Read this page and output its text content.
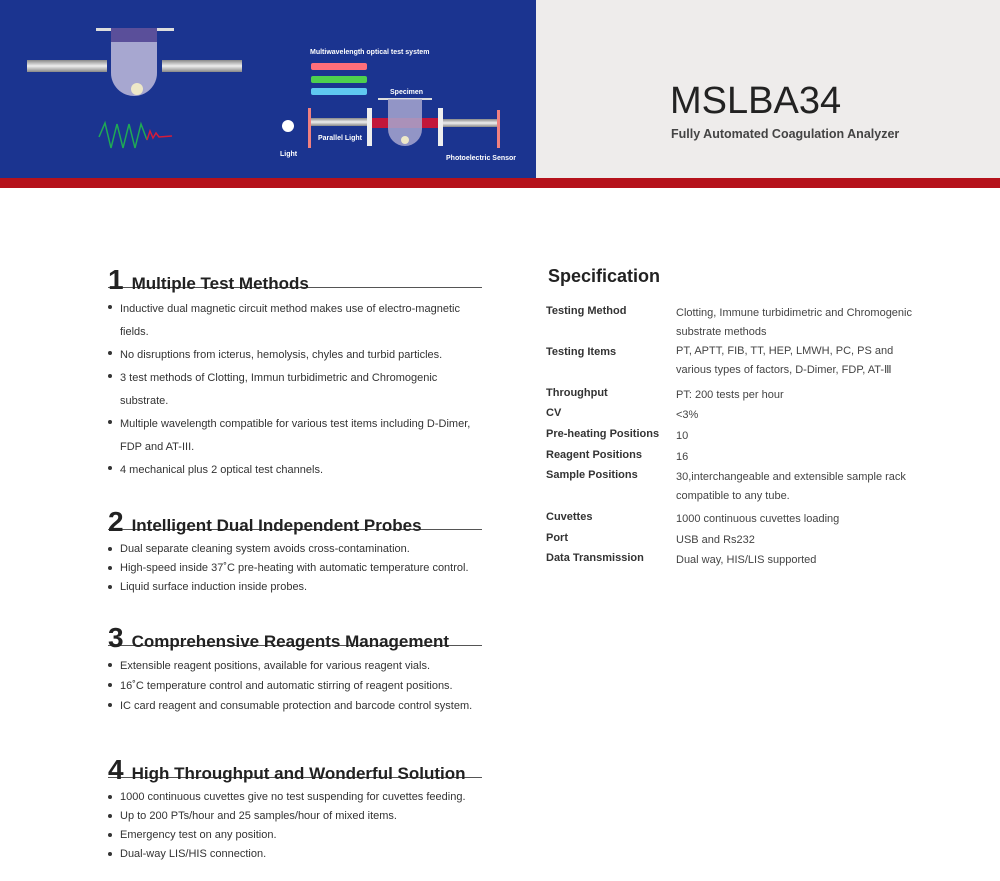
Multiwavelength optical test system
Specimen
Parallel Light
Light
Photoelectric Sensor
MSLBA34
Fully Automated Coagulation Analyzer
1 Multiple Test Methods
Inductive dual magnetic circuit method makes use of electro-magnetic
fields.
No disruptions from icterus, hemolysis, chyles and turbid particles.
3 test methods of Clotting, Immun turbidimetric and Chromogenic
substrate.
Multiple wavelength compatible for various test items including D-Dimer,
FDP and AT-III.
4 mechanical plus 2 optical test channels.
2 Intelligent Dual Independent Probes
Dual separate cleaning system avoids cross-contamination.
High-speed inside 37˚C pre-heating with automatic temperature control.
Liquid surface induction inside probes.
3 Comprehensive Reagents Management
Extensible reagent positions, available for various reagent vials.
16˚C temperature control and automatic stirring of reagent positions.
IC card reagent and consumable protection and barcode control system.
4 High Throughput and Wonderful Solution
1000 continuous cuvettes give no test suspending for cuvettes feeding.
Up to 200 PTs/hour and 25 samples/hour of mixed items.
Emergency test on any position.
Dual-way LIS/HIS connection.
Specification
Testing Method	Clotting, Immune turbidimetric and Chromogenic substrate methods
Testing Items	PT, APTT, FIB, TT, HEP, LMWH, PC, PS and various types of factors, D-Dimer, FDP, AT-Ⅲ
Throughput	PT: 200 tests per hour
CV	<3%
Pre-heating Positions 10
Reagent Positions	16
Sample Positions	30,interchangeable and extensible sample rack compatible to any tube.
Cuvettes	1000 continuous cuvettes loading
Port	USB and Rs232
Data Transmission	Dual way, HIS/LIS supported
